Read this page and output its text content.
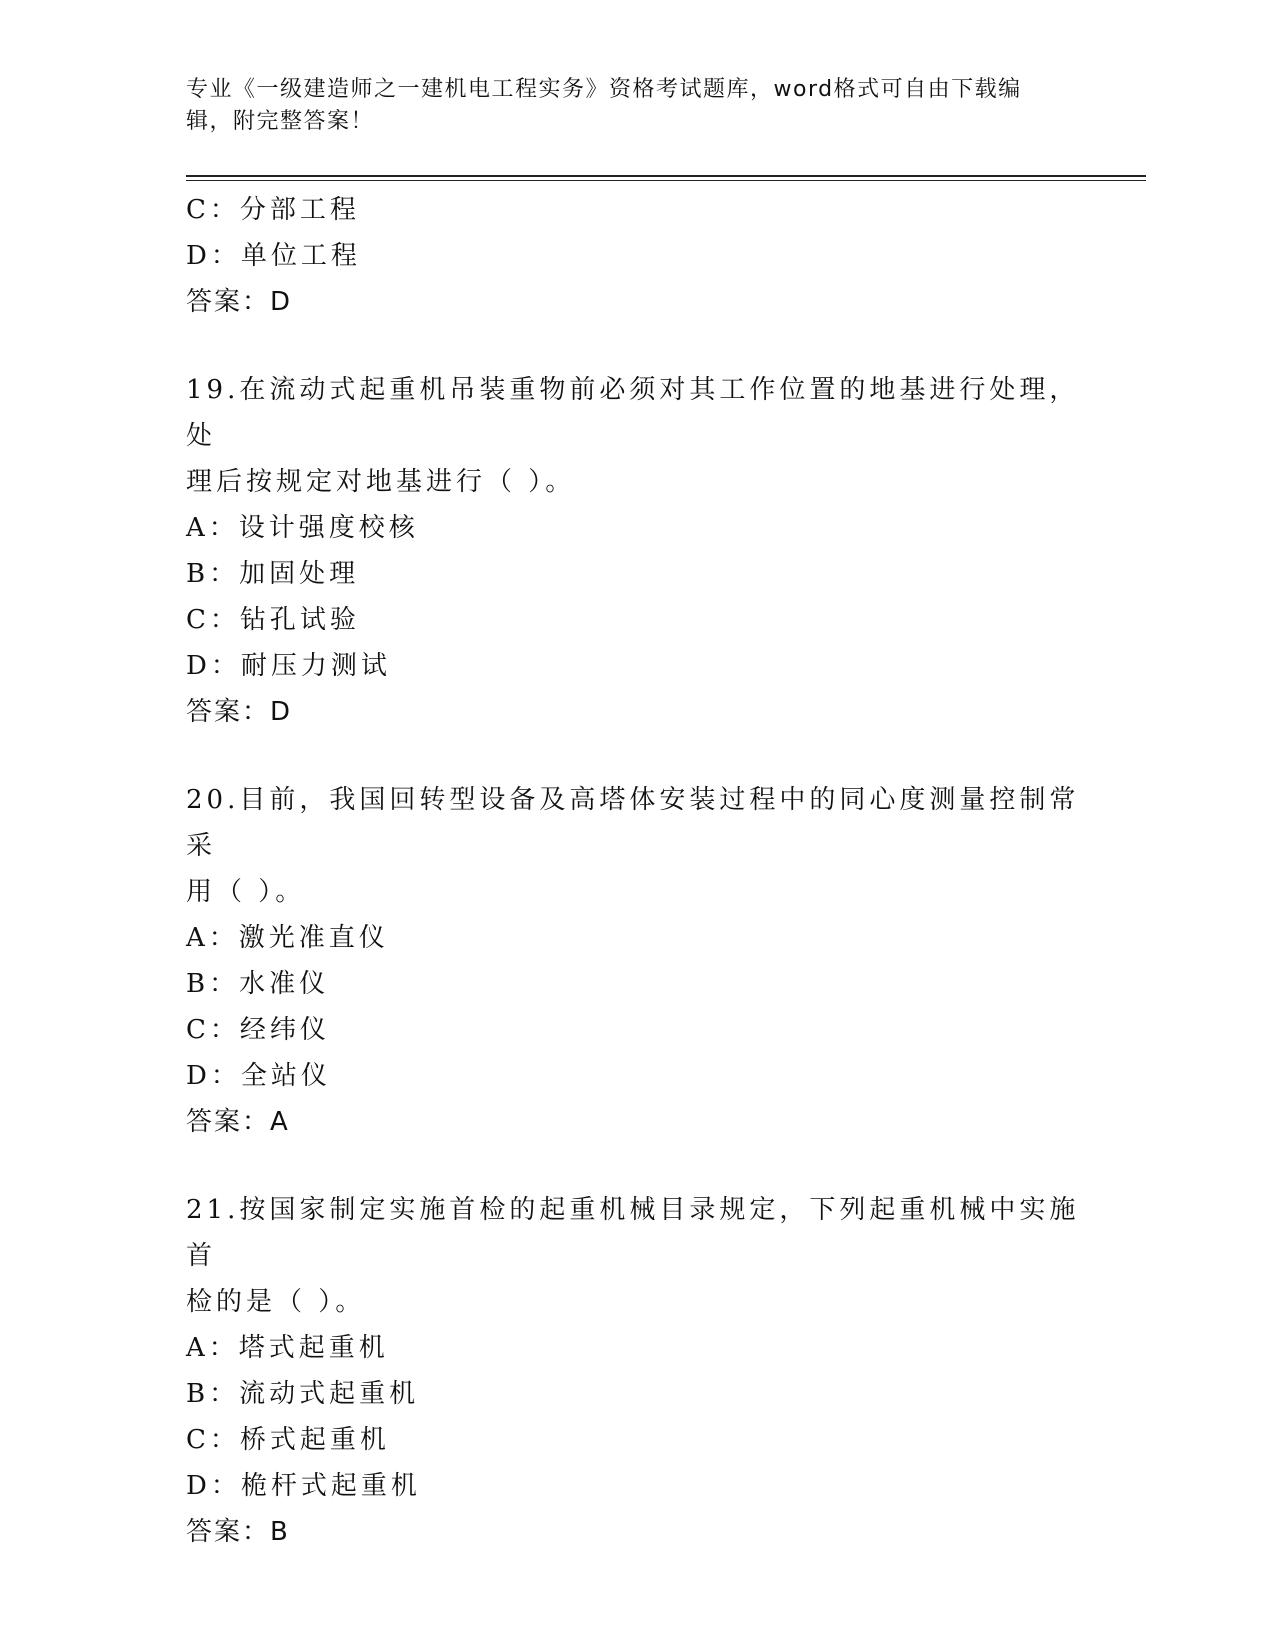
专业《一级建造师之一建机电工程实务》资格考试题库，word格式可自由下载编
辑，附完整答案！
C：分部工程
D：单位工程
答案：D
19.在流动式起重机吊装重物前必须对其工作位置的地基进行处理，处
理后按规定对地基进行（ ）。
A：设计强度校核
B：加固处理
C：钻孔试验
D：耐压力测试
答案：D
20.目前，我国回转型设备及高塔体安装过程中的同心度测量控制常采
用（ ）。
A：激光准直仪
B：水准仪
C：经纬仪
D：全站仪
答案：A
21.按国家制定实施首检的起重机械目录规定，下列起重机械中实施首
检的是（ ）。
A：塔式起重机
B：流动式起重机
C：桥式起重机
D：桅杆式起重机
答案：B
